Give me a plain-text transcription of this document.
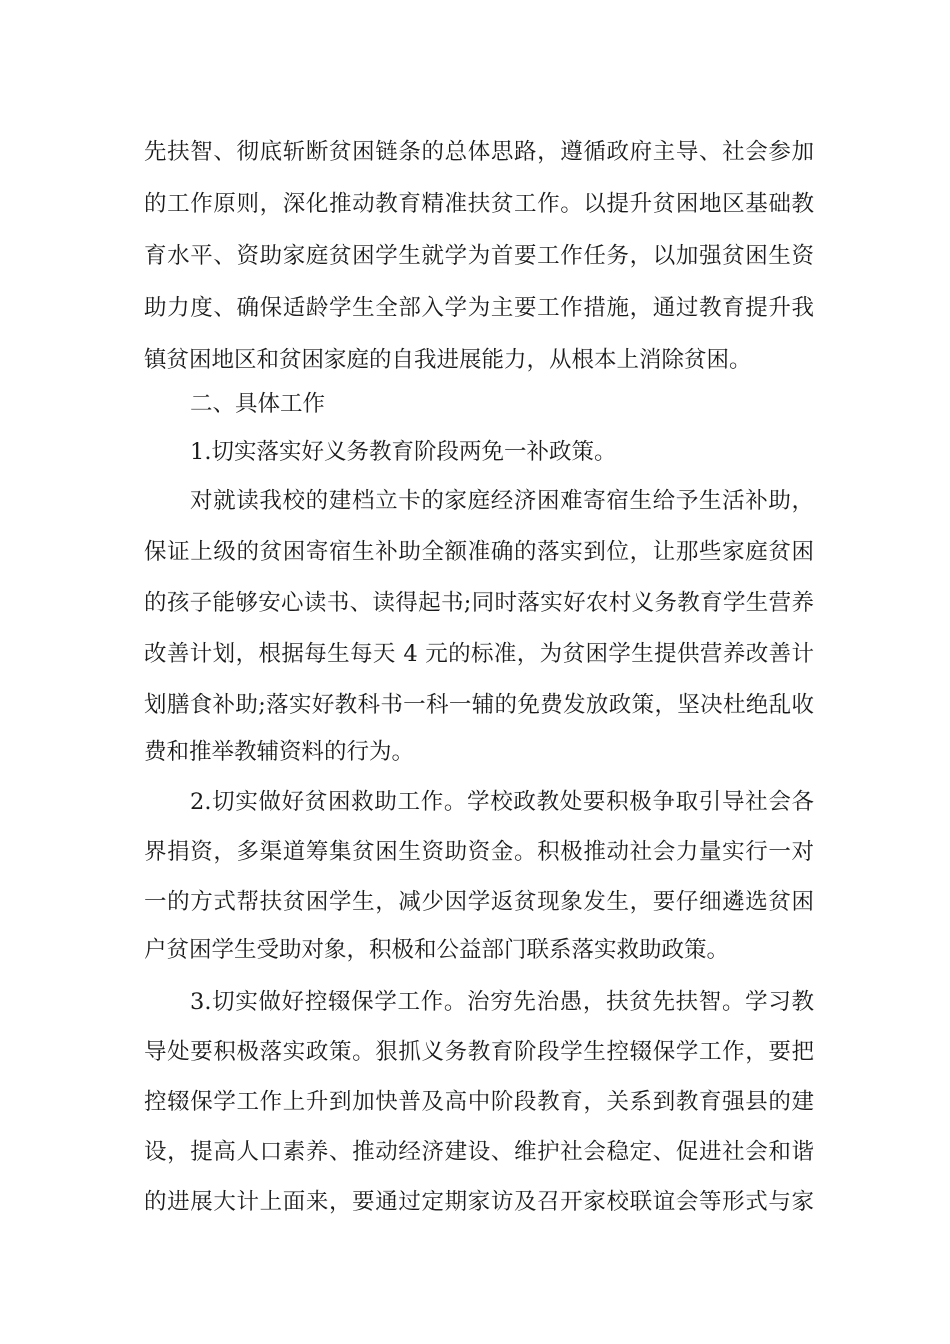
先扶智、彻底斩断贫困链条的总体思路，遵循政府主导、社会参加
的工作原则，深化推动教育精准扶贫工作。以提升贫困地区基础教
育水平、资助家庭贫困学生就学为首要工作任务，以加强贫困生资
助力度、确保适龄学生全部入学为主要工作措施，通过教育提升我
镇贫困地区和贫困家庭的自我进展能力，从根本上消除贫困。
二、具体工作
1.切实落实好义务教育阶段两免一补政策。
对就读我校的建档立卡的家庭经济困难寄宿生给予生活补助，
保证上级的贫困寄宿生补助全额准确的落实到位，让那些家庭贫困
的孩子能够安心读书、读得起书;同时落实好农村义务教育学生营养
改善计划，根据每生每天 4 元的标准，为贫困学生提供营养改善计
划膳食补助;落实好教科书一科一辅的免费发放政策，坚决杜绝乱收
费和推举教辅资料的行为。
2.切实做好贫困救助工作。学校政教处要积极争取引导社会各
界捐资，多渠道筹集贫困生资助资金。积极推动社会力量实行一对
一的方式帮扶贫困学生，减少因学返贫现象发生，要仔细遴选贫困
户贫困学生受助对象，积极和公益部门联系落实救助政策。
3.切实做好控辍保学工作。治穷先治愚，扶贫先扶智。学习教
导处要积极落实政策。狠抓义务教育阶段学生控辍保学工作，要把
控辍保学工作上升到加快普及高中阶段教育，关系到教育强县的建
设，提高人口素养、推动经济建设、维护社会稳定、促进社会和谐
的进展大计上面来，要通过定期家访及召开家校联谊会等形式与家
